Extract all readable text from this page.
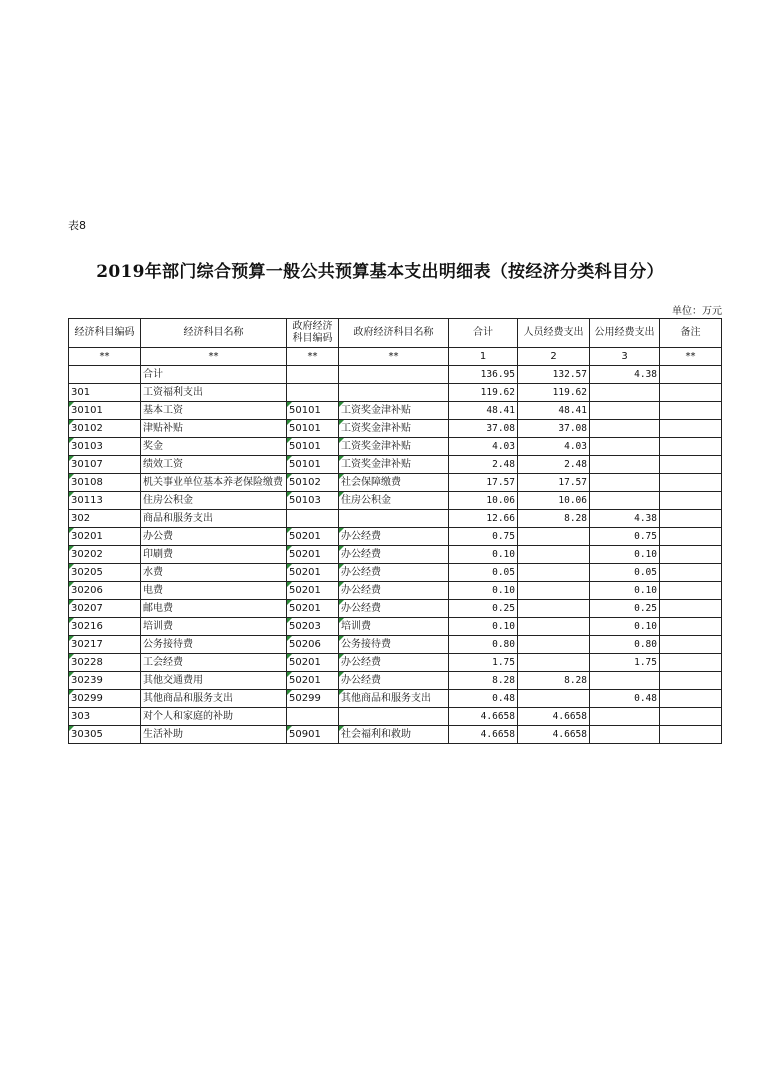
表8
2019年部门综合预算一般公共预算基本支出明细表（按经济分类科目分）
单位：万元
经济科目编码	经济科目名称	政府经济科目编码	政府经济科目名称	合计	人员经费支出	公用经费支出	备注
**	**	**	**	1	2	3	**
	合计			136.95	132.57	4.38	
301	工资福利支出			119.62	119.62		
30101	基本工资	50101	工资奖金津补贴	48.41	48.41		
30102	津贴补贴	50101	工资奖金津补贴	37.08	37.08		
30103	奖金	50101	工资奖金津补贴	4.03	4.03		
30107	绩效工资	50101	工资奖金津补贴	2.48	2.48		
30108	机关事业单位基本养老保险缴费	50102	社会保障缴费	17.57	17.57		
30113	住房公积金	50103	住房公积金	10.06	10.06		
302	商品和服务支出			12.66	8.28	4.38	
30201	办公费	50201	办公经费	0.75		0.75	
30202	印刷费	50201	办公经费	0.10		0.10	
30205	水费	50201	办公经费	0.05		0.05	
30206	电费	50201	办公经费	0.10		0.10	
30207	邮电费	50201	办公经费	0.25		0.25	
30216	培训费	50203	培训费	0.10		0.10	
30217	公务接待费	50206	公务接待费	0.80		0.80	
30228	工会经费	50201	办公经费	1.75		1.75	
30239	其他交通费用	50201	办公经费	8.28	8.28		
30299	其他商品和服务支出	50299	其他商品和服务支出	0.48		0.48	
303	对个人和家庭的补助			4.6658	4.6658		
30305	生活补助	50901	社会福利和救助	4.6658	4.6658		
